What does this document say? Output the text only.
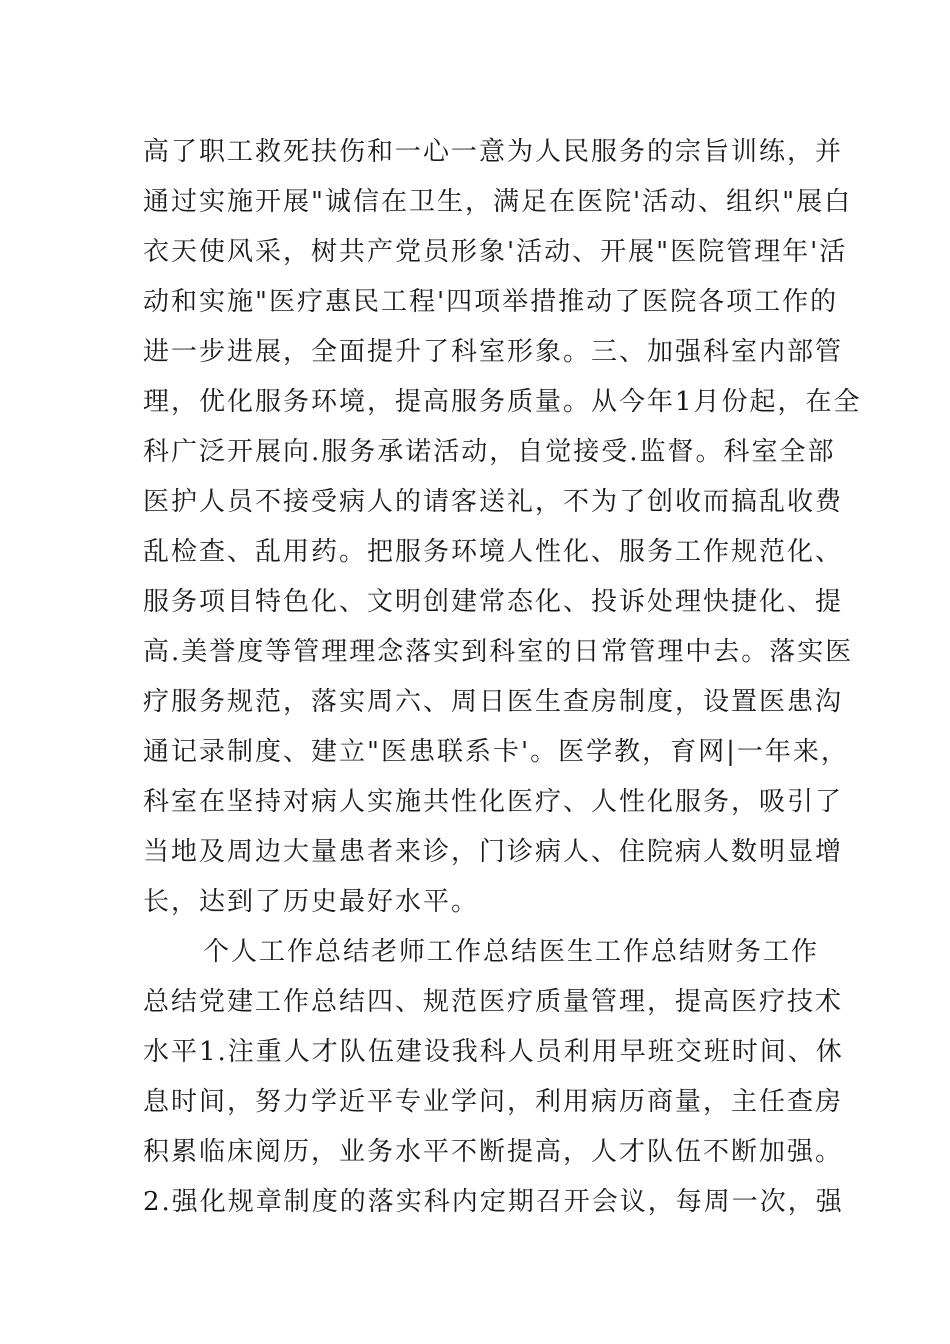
高了职工救死扶伤和一心一意为人民服务的宗旨训练，并
通过实施开展"诚信在卫生，满足在医院'活动、组织"展白
衣天使风采，树共产党员形象'活动、开展"医院管理年'活
动和实施"医疗惠民工程'四项举措推动了医院各项工作的
进一步进展，全面提升了科室形象。三、加强科室内部管
理，优化服务环境，提高服务质量。从今年1月份起，在全
科广泛开展向.服务承诺活动，自觉接受.监督。科室全部
医护人员不接受病人的请客送礼，不为了创收而搞乱收费
乱检查、乱用药。把服务环境人性化、服务工作规范化、
服务项目特色化、文明创建常态化、投诉处理快捷化、提
高.美誉度等管理理念落实到科室的日常管理中去。落实医
疗服务规范，落实周六、周日医生查房制度，设置医患沟
通记录制度、建立"医患联系卡'。医学教，育网|一年来，
科室在坚持对病人实施共性化医疗、人性化服务，吸引了
当地及周边大量患者来诊，门诊病人、住院病人数明显增
长，达到了历史最好水平。
个人工作总结老师工作总结医生工作总结财务工作
总结党建工作总结四、规范医疗质量管理，提高医疗技术
水平1.注重人才队伍建设我科人员利用早班交班时间、休
息时间，努力学近平专业学问，利用病历商量，主任查房
积累临床阅历，业务水平不断提高，人才队伍不断加强。
2.强化规章制度的落实科内定期召开会议，每周一次，强
